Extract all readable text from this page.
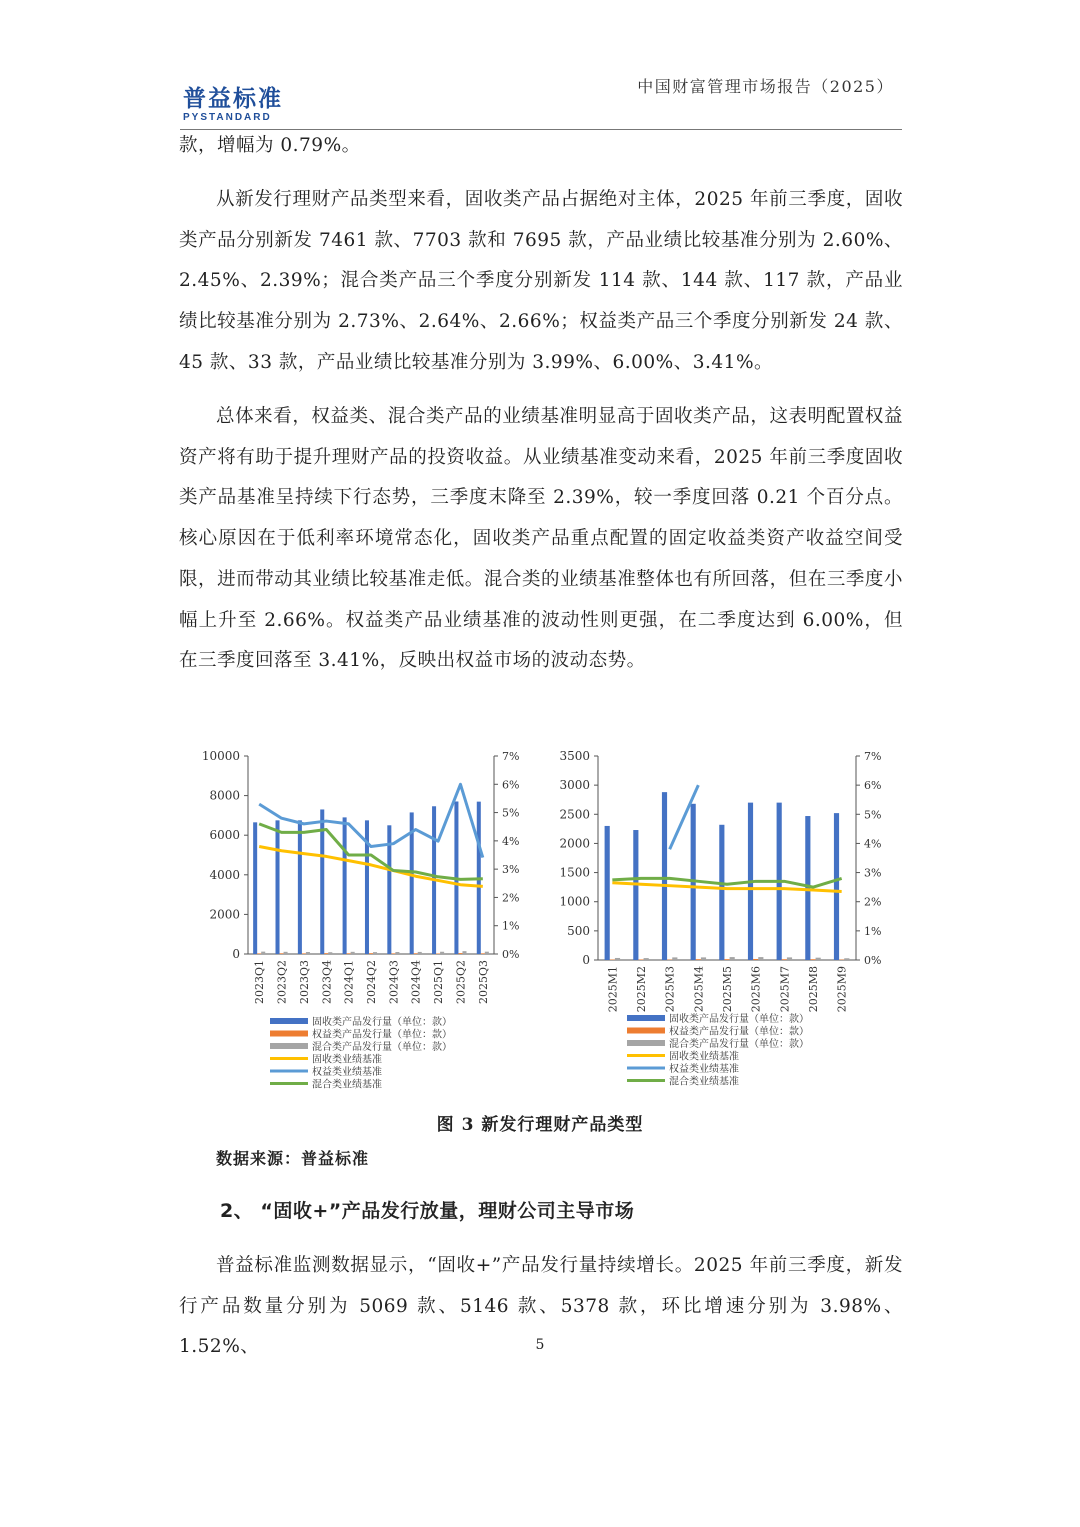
普益标准
PYSTANDARD
中国财富管理市场报告（2025）

款，增幅为 0.79%。

从新发行理财产品类型来看，固收类产品占据绝对主体，2025 年前三季度，固收类产品分别新发 7461 款、7703 款和 7695 款，产品业绩比较基准分别为 2.60%、2.45%、2.39%；混合类产品三个季度分别新发 114 款、144 款、117 款，产品业绩比较基准分别为 2.73%、2.64%、2.66%；权益类产品三个季度分别新发 24 款、45 款、33 款，产品业绩比较基准分别为 3.99%、6.00%、3.41%。

总体来看，权益类、混合类产品的业绩基准明显高于固收类产品，这表明配置权益资产将有助于提升理财产品的投资收益。从业绩基准变动来看，2025 年前三季度固收类产品基准呈持续下行态势，三季度末降至 2.39%，较一季度回落 0.21 个百分点。核心原因在于低利率环境常态化，固收类产品重点配置的固定收益类资产收益空间受限，进而带动其业绩比较基准走低。混合类的业绩基准整体也有所回落，但在三季度小幅上升至 2.66%。权益类产品业绩基准的波动性则更强，在二季度达到 6.00%，但在三季度回落至 3.41%，反映出权益市场的波动态势。

0
2000
4000
6000
8000
10000
0%
1%
2%
3%
4%
5%
6%
7%
2023Q1 2023Q2 2023Q3 2023Q4 2024Q1 2024Q2 2024Q3 2024Q4 2025Q1 2025Q2 2025Q3
固收类产品发行量（单位：款）
权益类产品发行量（单位：款）
混合类产品发行量（单位：款）
固收类业绩基准
权益类业绩基准
混合类业绩基准
0
500
1000
1500
2000
2500
3000
3500
0%
1%
2%
3%
4%
5%
6%
7%
2025M1 2025M2 2025M3 2025M4 2025M5 2025M6 2025M7 2025M8 2025M9
固收类产品发行量（单位：款）
权益类产品发行量（单位：款）
混合类产品发行量（单位：款）
固收类业绩基准
权益类业绩基准
混合类业绩基准
图 3 新发行理财产品类型
数据来源：普益标准
2、 “固收+”产品发行放量，理财公司主导市场

普益标准监测数据显示，“固收+”产品发行量持续增长。2025 年前三季度，新发行产品数量分别为 5069 款、5146 款、5378 款，环比增速分别为 3.98%、1.52%、	5
